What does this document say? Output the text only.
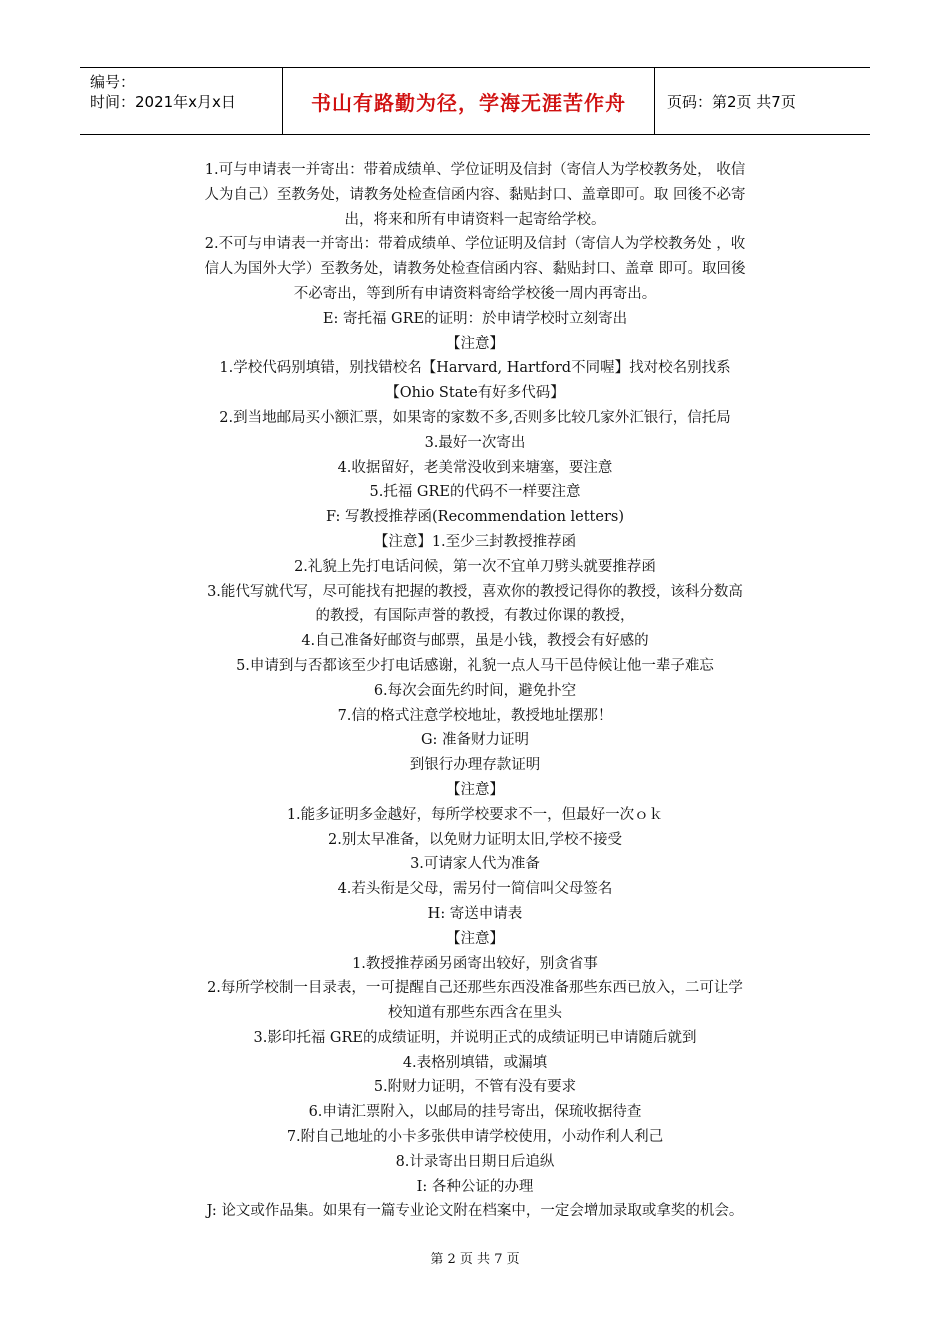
编号：
时间：2021年x月x日	书山有路勤为径，学海无涯苦作舟	页码：第2页 共7页
1.可与申请表一并寄出：带着成绩单、学位证明及信封（寄信人为学校教务处， 收信
人为自己）至教务处，请教务处检查信函内容、黏贴封口、盖章即可。取 回後不必寄
出，将来和所有申请资料一起寄给学校。
2.不可与申请表一并寄出：带着成绩单、学位证明及信封（寄信人为学校教务处 ，收
信人为国外大学）至教务处，请教务处检查信函内容、黏贴封口、盖章 即可。取回後
不必寄出，等到所有申请资料寄给学校後一周内再寄出。
E: 寄托福 GRE的证明：於申请学校时立刻寄出
【注意】
1.学校代码别填错，别找错校名【Harvard, Hartford不同喔】找对校名别找系
【Ohio State有好多代码】
2.到当地邮局买小额汇票，如果寄的家数不多,否则多比较几家外汇银行，信托局
3.最好一次寄出
4.收据留好，老美常没收到来塘塞，要注意
5.托福 GRE的代码不一样要注意
F: 写教授推荐函(Recommendation letters)
【注意】1.至少三封教授推荐函
2.礼貌上先打电话问候，第一次不宜单刀劈头就要推荐函
3.能代写就代写，尽可能找有把握的教授，喜欢你的教授记得你的教授，该科分数高
的教授，有国际声誉的教授，有教过你课的教授，
4.自己准备好邮资与邮票，虽是小钱，教授会有好感的
5.申请到与否都该至少打电话感谢，礼貌一点人马干邑侍候让他一辈子难忘
6.每次会面先约时间，避免扑空
7.信的格式注意学校地址，教授地址摆那！
G: 准备财力证明
到银行办理存款证明
【注意】
1.能多证明多金越好，每所学校要求不一，但最好一次ｏｋ
2.别太早准备，以免财力证明太旧,学校不接受
3.可请家人代为准备
4.若头衔是父母，需另付一简信叫父母签名
H: 寄送申请表
【注意】
1.教授推荐函另函寄出较好，别贪省事
2.每所学校制一目录表，一可提醒自己还那些东西没准备那些东西已放入，二可让学
校知道有那些东西含在里头
3.影印托福 GRE的成绩证明，并说明正式的成绩证明已申请随后就到
4.表格别填错，或漏填
5.附财力证明，不管有没有要求
6.申请汇票附入，以邮局的挂号寄出，保琉收据待查
7.附自己地址的小卡多张供申请学校使用，小动作利人利己
8.计录寄出日期日后追纵
I: 各种公证的办理
J: 论文或作品集。如果有一篇专业论文附在档案中，一定会增加录取或拿奖的机会。
第 2 页 共 7 页
